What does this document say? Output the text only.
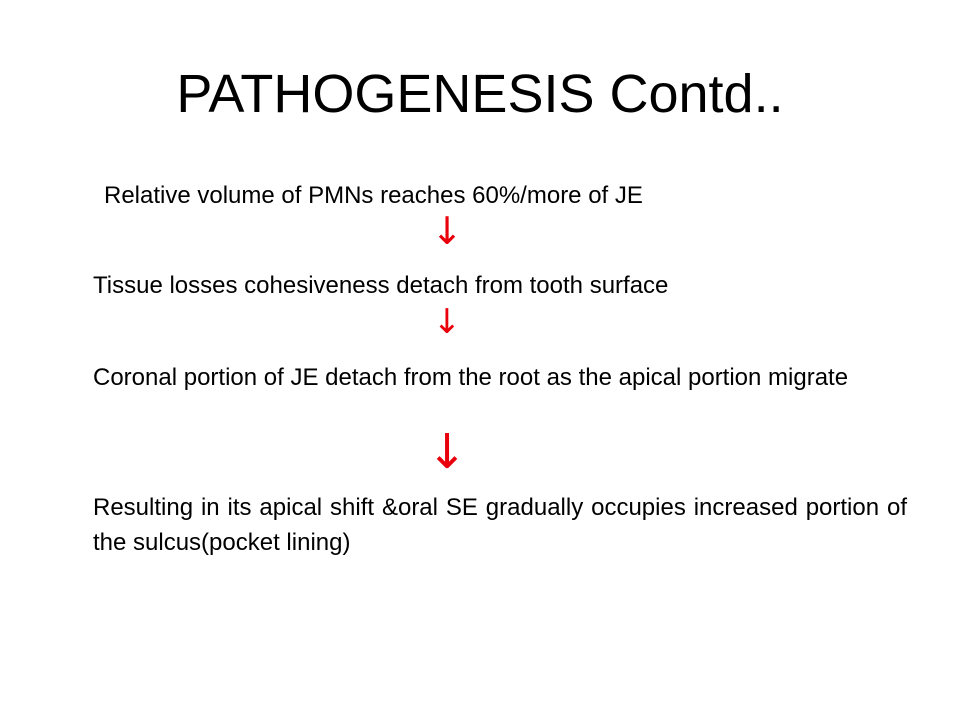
PATHOGENESIS Contd..

Relative volume of PMNs reaches 60%/more of JE

↓

Tissue losses cohesiveness detach from tooth surface

↓

Coronal portion of JE detach from the root as the apical portion migrate

↓

Resulting in its apical shift &oral SE gradually occupies increased portion of the sulcus(pocket lining)
